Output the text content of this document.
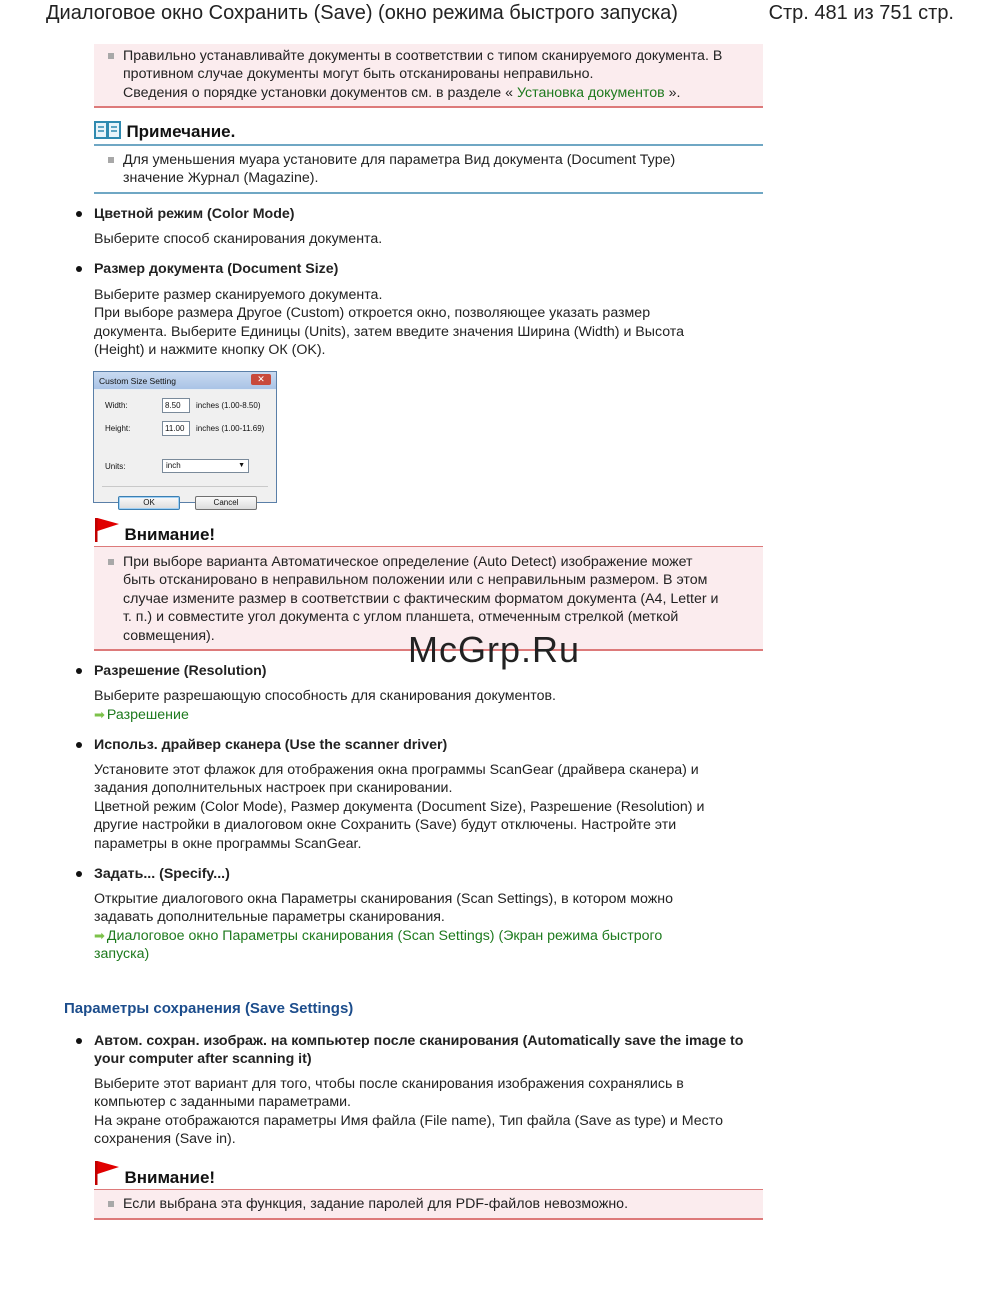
Диалоговое окно Сохранить (Save) (окно режима быстрого запуска)	Стр. 481 из 751 стр.
Правильно устанавливайте документы в соответствии с типом сканируемого документа. В
противном случае документы могут быть отсканированы неправильно.
Сведения о порядке установки документов см. в разделе « Установка документов ».
Примечание.
Для уменьшения муара установите для параметра Вид документа (Document Type)
значение Журнал (Magazine).
Цветной режим (Color Mode)
Выберите способ сканирования документа.
Размер документа (Document Size)
Выберите размер сканируемого документа.
При выборе размера Другое (Custom) откроется окно, позволяющее указать размер
документа. Выберите Единицы (Units), затем введите значения Ширина (Width) и Высота
(Height) и нажмите кнопку ОК (OK).
Custom Size Setting	✕
Width:	8.50	inches (1.00-8.50)
Height:	11.00	inches (1.00-11.69)
Units:	inch	▼
OK	Cancel
Внимание!
При выборе варианта Автоматическое определение (Auto Detect) изображение может
быть отсканировано в неправильном положении или с неправильным размером. В этом
случае измените размер в соответствии с фактическим форматом документа (A4, Letter и
т. п.) и совместите угол документа с углом планшета, отмеченным стрелкой (меткой
совмещения).	McGrp.Ru
Разрешение (Resolution)
Выберите разрешающую способность для сканирования документов.
➡ Разрешение
Использ. драйвер сканера (Use the scanner driver)
Установите этот флажок для отображения окна программы ScanGear (драйвера сканера) и
задания дополнительных настроек при сканировании.
Цветной режим (Color Mode), Размер документа (Document Size), Разрешение (Resolution) и
другие настройки в диалоговом окне Сохранить (Save) будут отключены. Настройте эти
параметры в окне программы ScanGear.
Задать... (Specify...)
Открытие диалогового окна Параметры сканирования (Scan Settings), в котором можно
задавать дополнительные параметры сканирования.
➡ Диалоговое окно Параметры сканирования (Scan Settings) (Экран режима быстрого
запуска)
Параметры сохранения (Save Settings)
Автом. сохран. изображ. на компьютер после сканирования (Automatically save the image to
your computer after scanning it)
Выберите этот вариант для того, чтобы после сканирования изображения сохранялись в
компьютер с заданными параметрами.
На экране отображаются параметры Имя файла (File name), Тип файла (Save as type) и Место
сохранения (Save in).
Внимание!
Если выбрана эта функция, задание паролей для PDF-файлов невозможно.
